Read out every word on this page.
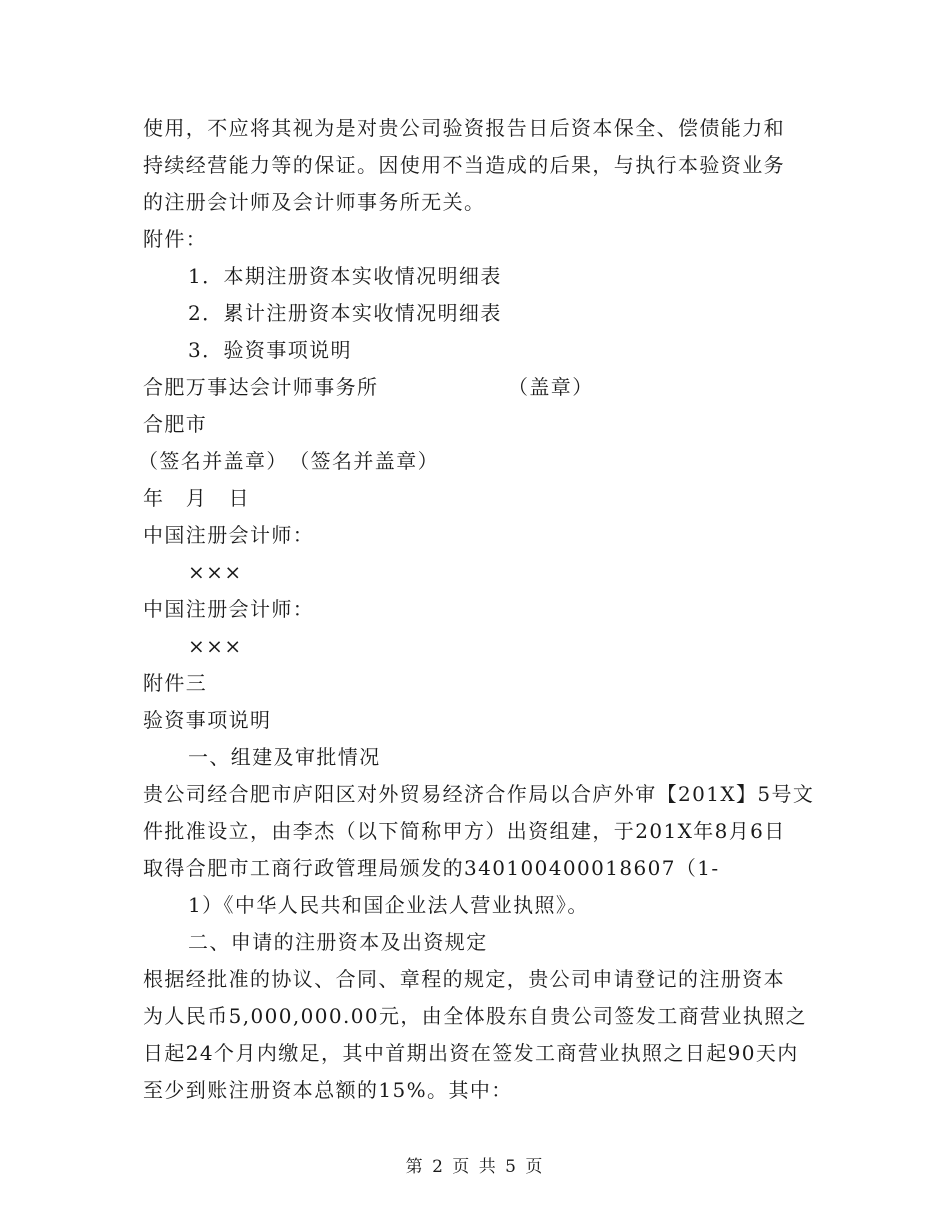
使用，不应将其视为是对贵公司验资报告日后资本保全、偿债能力和
持续经营能力等的保证。因使用不当造成的后果，与执行本验资业务
的注册会计师及会计师事务所无关。
附件：
1．本期注册资本实收情况明细表
2．累计注册资本实收情况明细表
3．验资事项说明
合肥万事达会计师事务所	（盖章）
合肥市
（签名并盖章）　（签名并盖章）
年　月　日
中国注册会计师：
×××
中国注册会计师：
×××
附件三
验资事项说明
一、组建及审批情况
贵公司经合肥市庐阳区对外贸易经济合作局以合庐外审【201X】5号文
件批准设立，由李杰（以下简称甲方）出资组建，于201X年8月6日
取得合肥市工商行政管理局颁发的340100400018607（1-
1）《中华人民共和国企业法人营业执照》。
二、申请的注册资本及出资规定
根据经批准的协议、合同、章程的规定，贵公司申请登记的注册资本
为人民币5,000,000.00元，由全体股东自贵公司签发工商营业执照之
日起24个月内缴足，其中首期出资在签发工商营业执照之日起90天内
至少到账注册资本总额的15%。其中：
第 2 页 共 5 页
